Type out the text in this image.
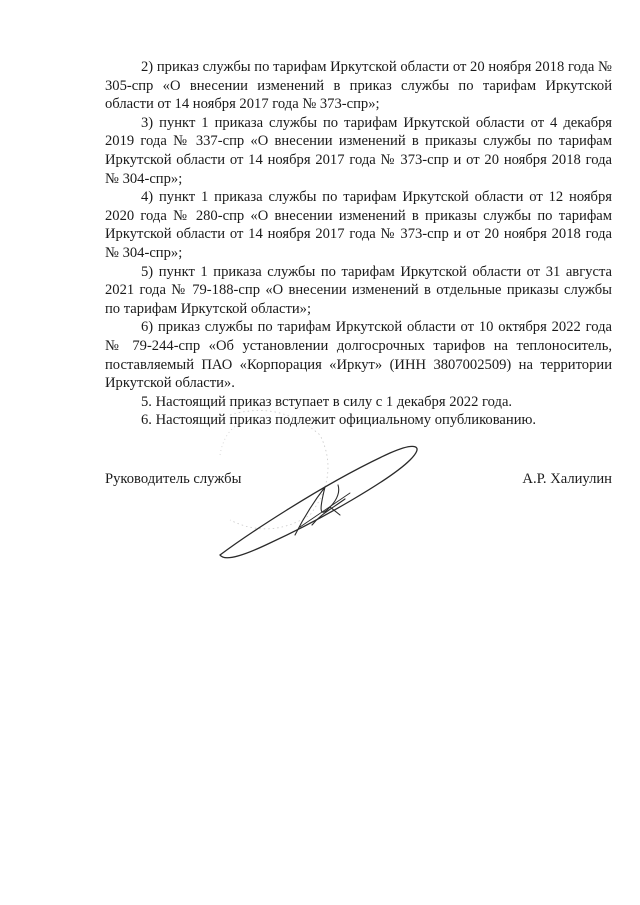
2) приказ службы по тарифам Иркутской области от 20 ноября 2018 года № 305-спр «О внесении изменений в приказ службы по тарифам Иркутской области от 14 ноября 2017 года № 373-спр»;

3) пункт 1 приказа службы по тарифам Иркутской области от 4 декабря 2019 года № 337-спр «О внесении изменений в приказы службы по тарифам Иркутской области от 14 ноября 2017 года № 373-спр и от 20 ноября 2018 года № 304-спр»;

4) пункт 1 приказа службы по тарифам Иркутской области от 12 ноября 2020 года № 280-спр «О внесении изменений в приказы службы по тарифам Иркутской области от 14 ноября 2017 года № 373-спр и от 20 ноября 2018 года № 304-спр»;

5) пункт 1 приказа службы по тарифам Иркутской области от 31 августа 2021 года № 79-188-спр «О внесении изменений в отдельные приказы службы по тарифам Иркутской области»;

6) приказ службы по тарифам Иркутской области от 10 октября 2022 года № 79-244-спр «Об установлении долгосрочных тарифов на теплоноситель, поставляемый ПАО «Корпорация «Иркут» (ИНН 3807002509) на территории Иркутской области».

5. Настоящий приказ вступает в силу с 1 декабря 2022 года.

6. Настоящий приказ подлежит официальному опубликованию.

Руководитель службы	А.Р. Халиулин
